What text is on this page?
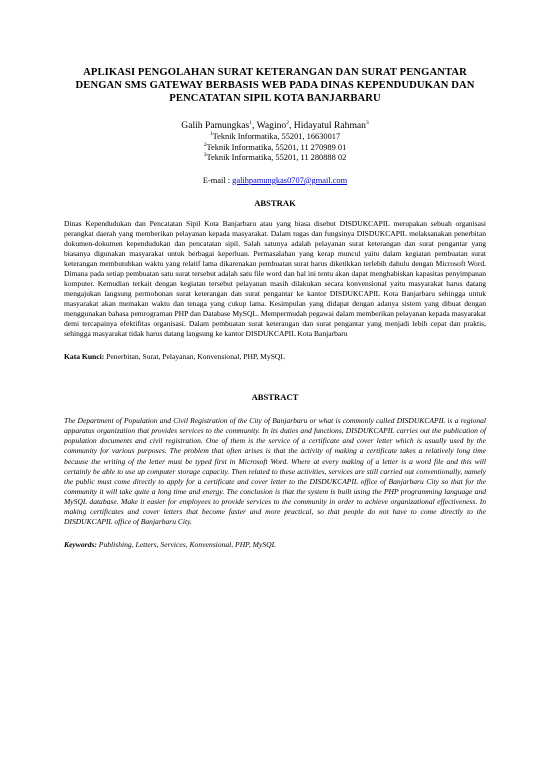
APLIKASI PENGOLAHAN SURAT KETERANGAN DAN SURAT PENGANTAR DENGAN SMS GATEWAY BERBASIS WEB PADA DINAS KEPENDUDUKAN DAN PENCATATAN SIPIL KOTA BANJARBARU
Galih Pamungkas$^1$, Wagino$^2$, Hidayatul Rahman$^3$
$^1$Teknik Informatika, 55201, 16630017
$^2$Teknik Informatika, 55201, 11 270989 01
$^3$Teknik Informatika, 55201, 11 280888 02
E-mail : galihpamungkas0707@gmail.com
ABSTRAK
Dinas Kependudukan dan Pencatatan Sipil Kota Banjarbaru atau yang biasa disebut DISDUKCAPIL merupakan sebuah organisasi perangkat daerah yang memberikan pelayanan kepada masyarakat. Dalam tugas dan fungsinya DISDUKCAPIL melaksanakan penerbitan dokumen-dokumen kependudukan dan pencatatan sipil. Salah satunya adalah pelayanan surat keterangan dan surat pengantar yang biasanya digunakan masyarakat untuk berbagai keperluan. Permasalahan yang kerap muncul yaitu dalam kegiatan pembuatan surat keterangan membutuhkan waktu yang relatif lama dikarenakan pembuatan surat harus diketikkan terlebih dahulu dengan Microsoft Word. Dimana pada setiap pembuatan satu surat tersebut adalah satu file word dan hal ini tentu akan dapat menghabiskan kapasitas penyimpanan komputer. Kemudian terkait dengan kegiatan tersebut pelayanan masih dilakukan secara konvensional yaitu masyarakat harus datang mengajukan langsung permohonan surat keterangan dan surat pengantar ke kantor DISDUKCAPIL Kota Banjarbaru sehingga untuk masyarakat akan memakan waktu dan tenaga yang cukup lama. Kesimpulan yang didapat dengan adanya sistem yang dibuat dengan menggunakan bahasa pemrograman PHP dan Database MySQL. Mempermudah pegawai dalam memberikan pelayanan kepada masyarakat demi tercapainya efektifitas organisasi. Dalam pembuatan surat keterangan dan surat pengantar yang menjadi lebih cepat dan praktis, sehingga masyarakat tidak harus datang langsung ke kantor DISDUKCAPIL Kota Banjarbaru
Kata Kunci: Penerbitan, Surat, Pelayanan, Konvensional, PHP, MySQL
ABSTRACT
The Department of Population and Civil Registration of the City of Banjarbaru or what is commonly called DISDUKCAPIL is a regional apparatus organization that provides services to the community. In its duties and functions, DISDUKCAPIL carries out the publication of population documents and civil registration. One of them is the service of a certificate and cover letter which is usually used by the community for various purposes. The problem that often arises is that the activity of making a certificate takes a relatively long time because the writing of the letter must be typed first in Microsoft Word. Where at every making of a letter is a word file and this will certainly be able to use up computer storage capacity. Then related to these activities, services are still carried out conventionally, namely the public must come directly to apply for a certificate and cover letter to the DISDUKCAPIL office of Banjarbaru City so that for the community it will take quite a long time and energy. The conclusion is that the system is built using the PHP programming language and MySQL database. Make it easier for employees to provide services to the community in order to achieve organizational effectiveness. In making certificates and cover letters that become faster and more practical, so that people do not have to come directly to the DISDUKCAPIL office of Banjarbaru City.
Keywords: Publishing, Letters, Services, Konvensional, PHP, MySQL
